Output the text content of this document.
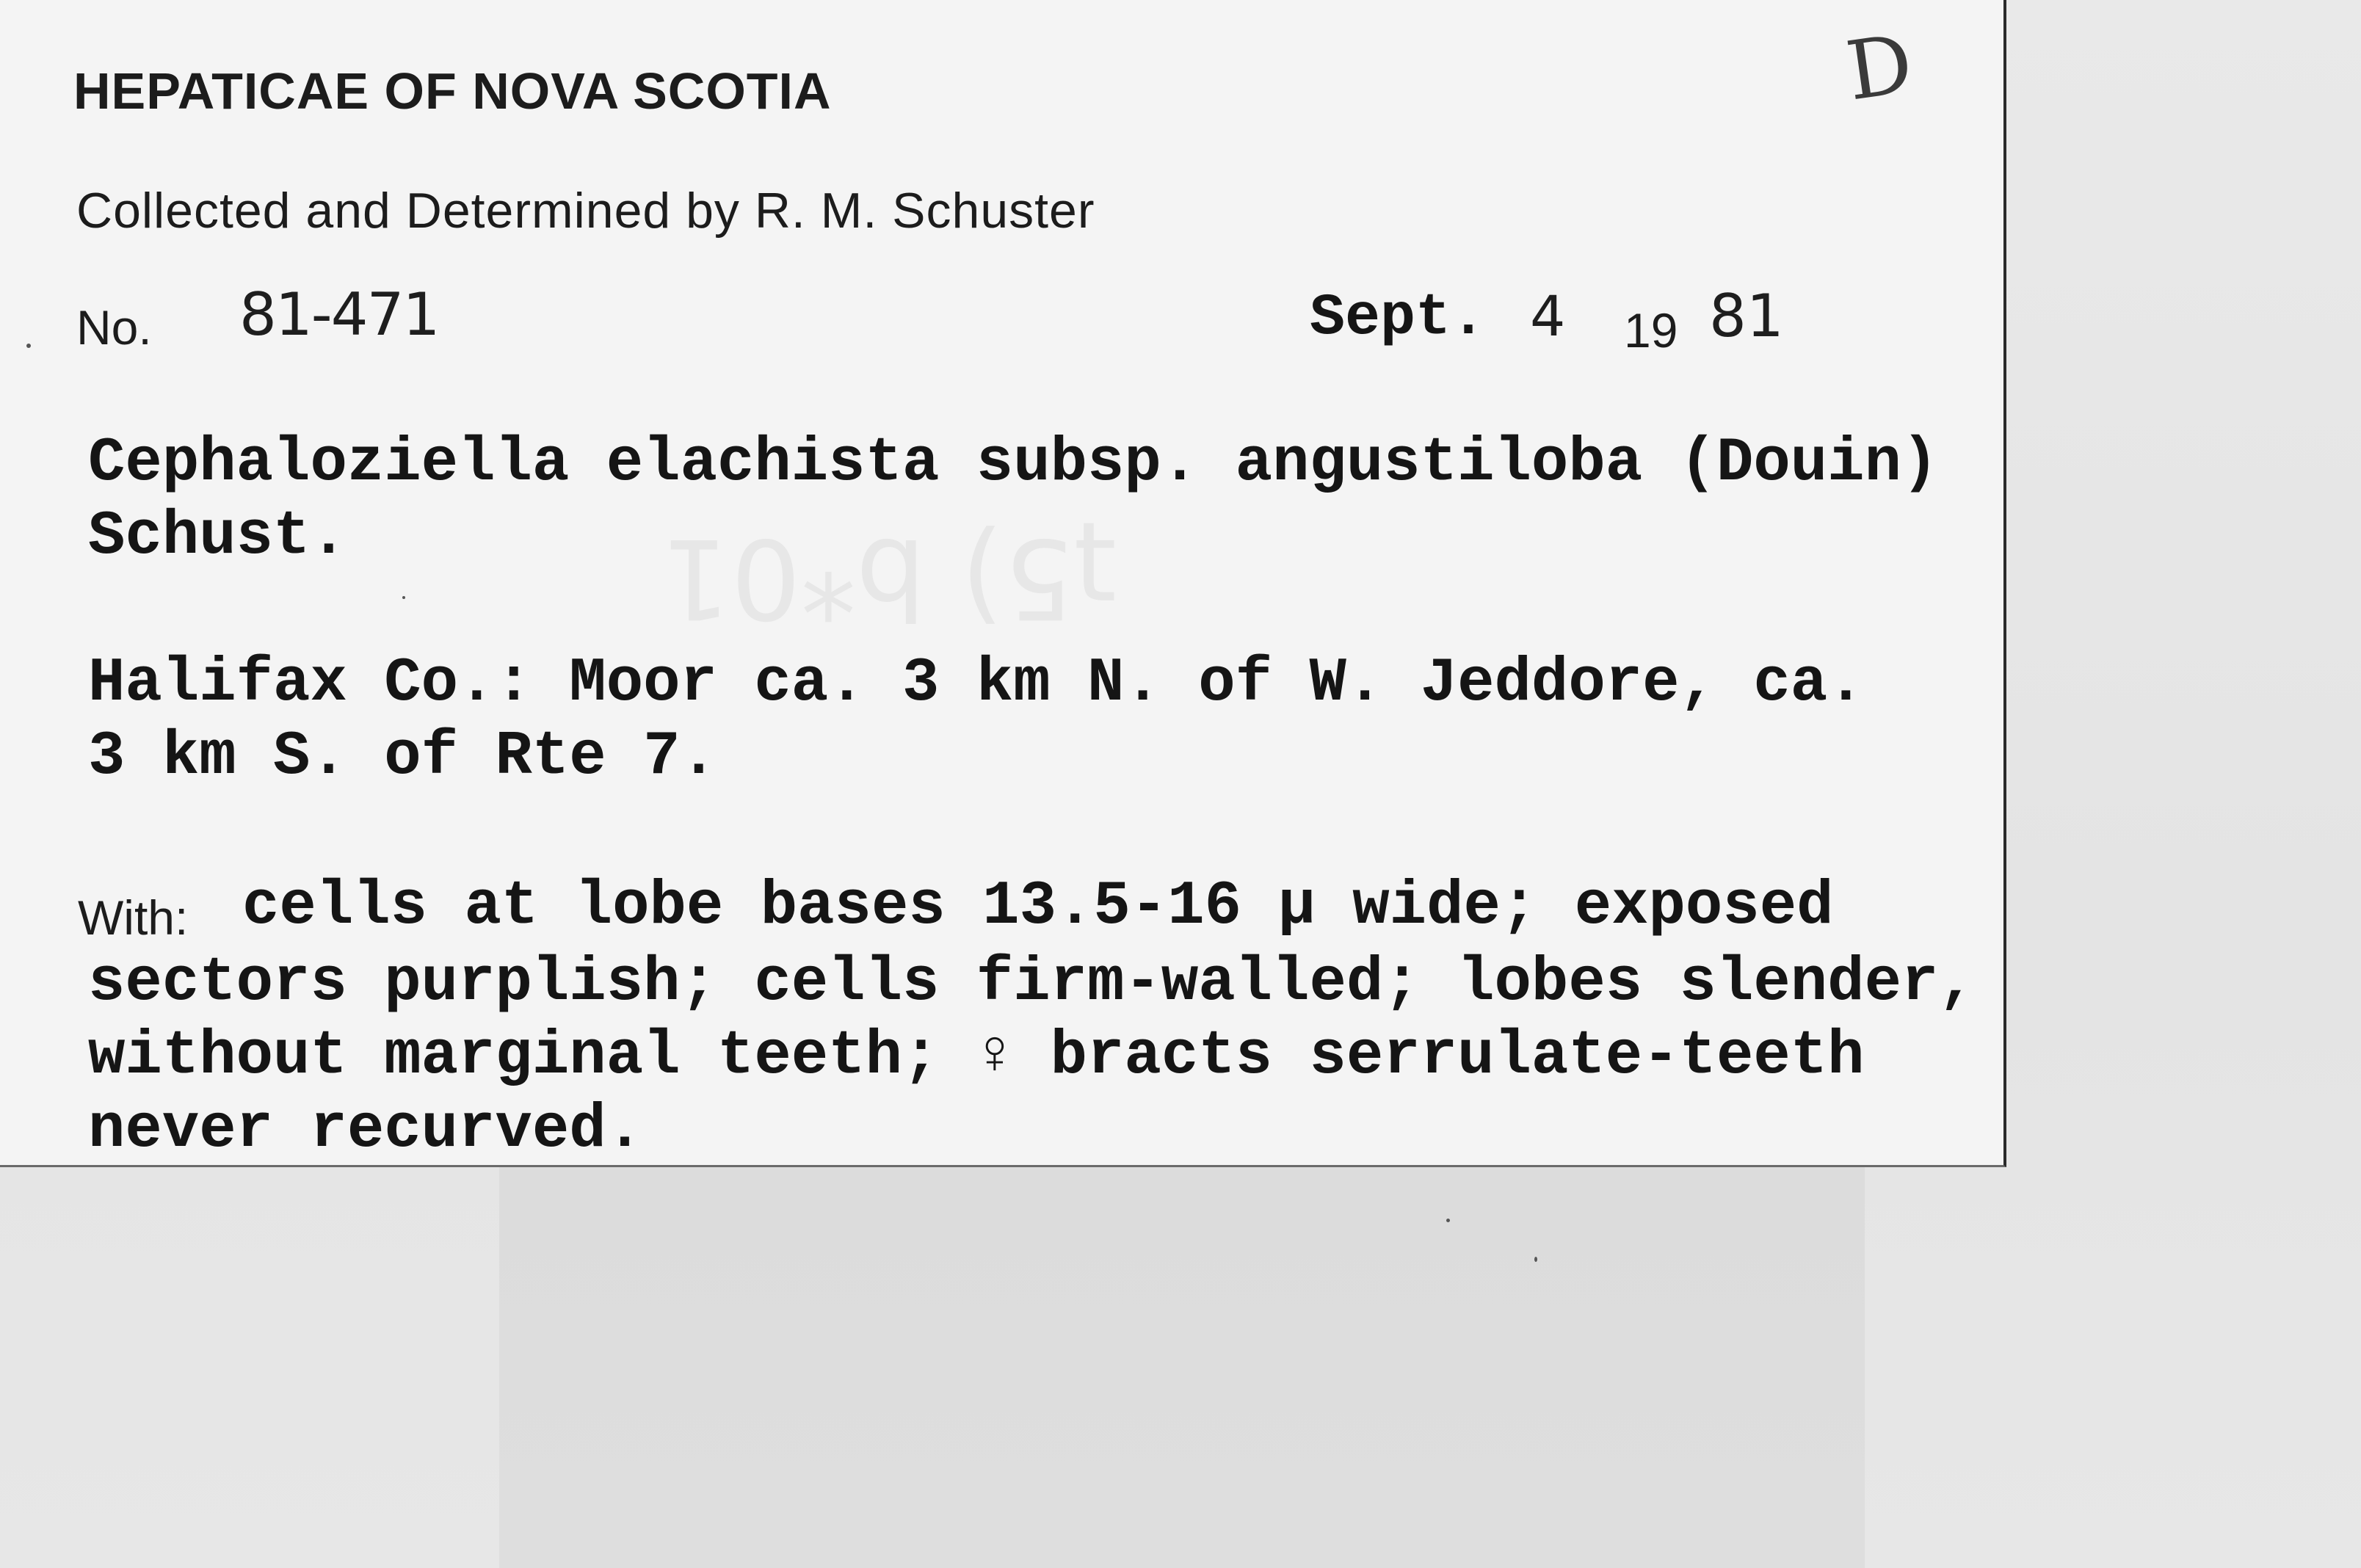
ʇ5) b*01

HEPATICAE OF NOVA SCOTIA

Collected and Determined by R. M. Schuster

No. 81-471	Sept. 4 19 81

Cephaloziella elachista subsp. angustiloba (Douin)
Schust.
Halifax Co.: Moor ca. 3 km N. of W. Jeddore, ca.
3 km S. of Rte 7.

With: cells at lobe bases 13.5-16 µ wide; exposed

sectors purplish; cells firm-walled; lobes slender,
without marginal teeth; ♀ bracts serrulate-teeth
never recurved.
D
